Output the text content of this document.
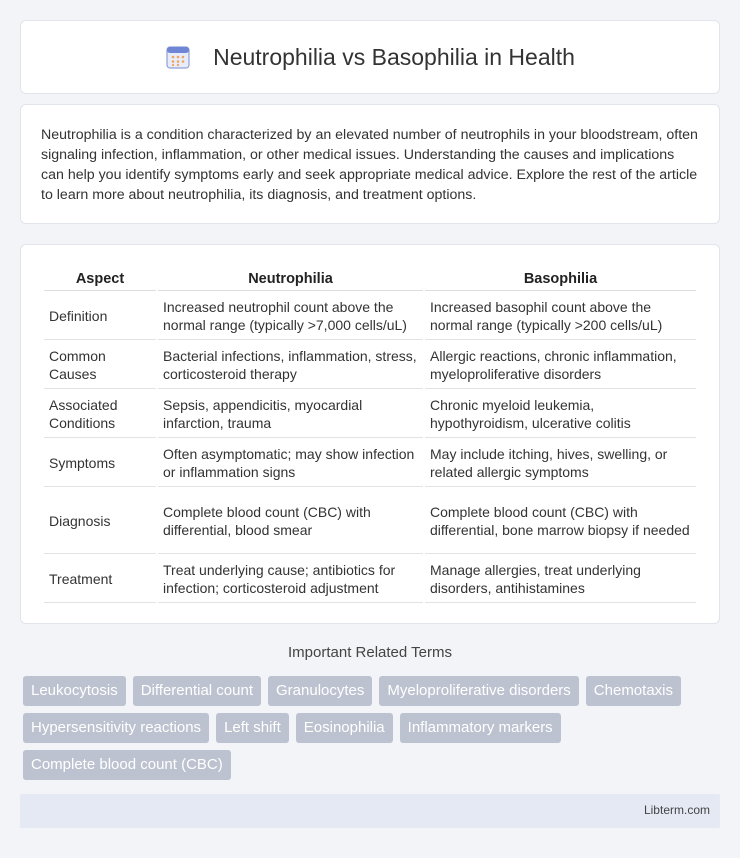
Neutrophilia vs Basophilia in Health

Neutrophilia is a condition characterized by an elevated number of neutrophils in your bloodstream, often signaling infection, inflammation, or other medical issues. Understanding the causes and implications can help you identify symptoms early and seek appropriate medical advice. Explore the rest of the article to learn more about neutrophilia, its diagnosis, and treatment options.

Aspect	Neutrophilia	Basophilia
Definition	Increased neutrophil count above the normal range (typically >7,000 cells/uL)	Increased basophil count above the normal range (typically >200 cells/uL)
Common Causes	Bacterial infections, inflammation, stress, corticosteroid therapy	Allergic reactions, chronic inflammation, myeloproliferative disorders
Associated Conditions	Sepsis, appendicitis, myocardial infarction, trauma	Chronic myeloid leukemia, hypothyroidism, ulcerative colitis
Symptoms	Often asymptomatic; may show infection or inflammation signs	May include itching, hives, swelling, or related allergic symptoms
Diagnosis	Complete blood count (CBC) with differential, blood smear	Complete blood count (CBC) with differential, bone marrow biopsy if needed
Treatment	Treat underlying cause; antibiotics for infection; corticosteroid adjustment	Manage allergies, treat underlying disorders, antihistamines
Important Related Terms
Leukocytosis	Differential count	Granulocytes	Myeloproliferative disorders	Chemotaxis
Hypersensitivity reactions	Left shift	Eosinophilia	Inflammatory markers
Complete blood count (CBC)
Libterm.com
